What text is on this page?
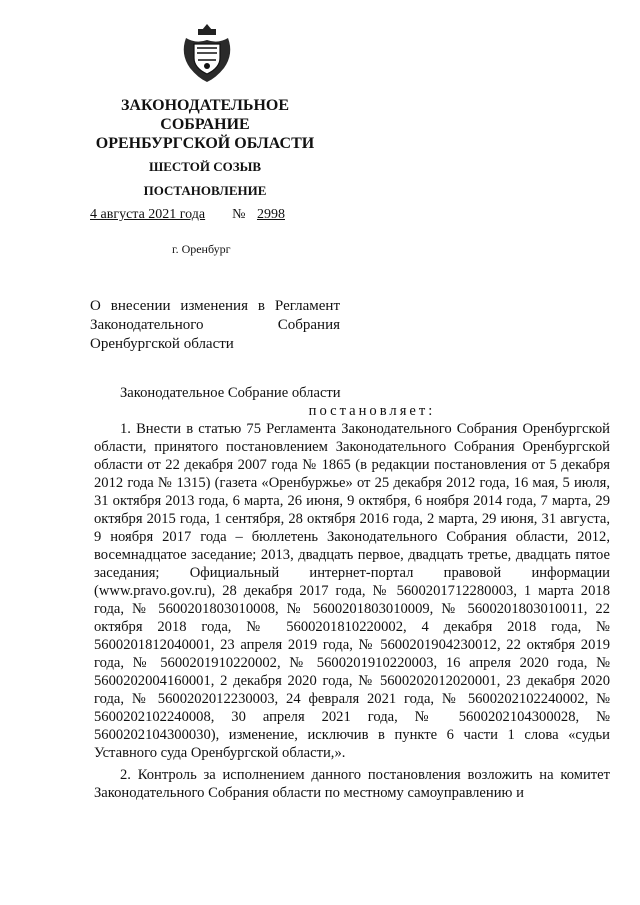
ЗАКОНОДАТЕЛЬНОЕ
СОБРАНИЕ
ОРЕНБУРГСКОЙ ОБЛАСТИ
ШЕСТОЙ СОЗЫВ
ПОСТАНОВЛЕНИЕ
4 августа 2021 года № 2998
г. Оренбург
О внесении изменения в Регламент Законодательного Собрания Оренбургской области

Законодательное Собрание области

постановляет:

1. Внести в статью 75 Регламента Законодательного Собрания Оренбургской области, принятого постановлением Законодательного Собрания Оренбургской области от 22 декабря 2007 года № 1865 (в редакции постановления от 5 декабря 2012 года № 1315) (газета «Оренбуржье» от 25 декабря 2012 года, 16 мая, 5 июля, 31 октября 2013 года, 6 марта, 26 июня, 9 октября, 6 ноября 2014 года, 7 марта, 29 октября 2015 года, 1 сентября, 28 октября 2016 года, 2 марта, 29 июня, 31 августа, 9 ноября 2017 года – бюллетень Законодательного Собрания области, 2012, восемнадцатое заседание; 2013, двадцать первое, двадцать третье, двадцать пятое заседания; Официальный интернет-портал правовой информации (www.pravo.gov.ru), 28 декабря 2017 года, № 5600201712280003, 1 марта 2018 года, № 5600201803010008, № 5600201803010009, № 5600201803010011, 22 октября 2018 года, № 5600201810220002, 4 декабря 2018 года, № 5600201812040001, 23 апреля 2019 года, № 5600201904230012, 22 октября 2019 года, № 5600201910220002, № 5600201910220003, 16 апреля 2020 года, № 5600202004160001, 2 декабря 2020 года, № 5600202012020001, 23 декабря 2020 года, № 5600202012230003, 24 февраля 2021 года, № 5600202102240002, № 5600202102240008, 30 апреля 2021 года, № 5600202104300028, № 5600202104300030), изменение, исключив в пункте 6 части 1 слова «судьи Уставного суда Оренбургской области,».

2. Контроль за исполнением данного постановления возложить на комитет Законодательного Собрания области по местному самоуправлению и
